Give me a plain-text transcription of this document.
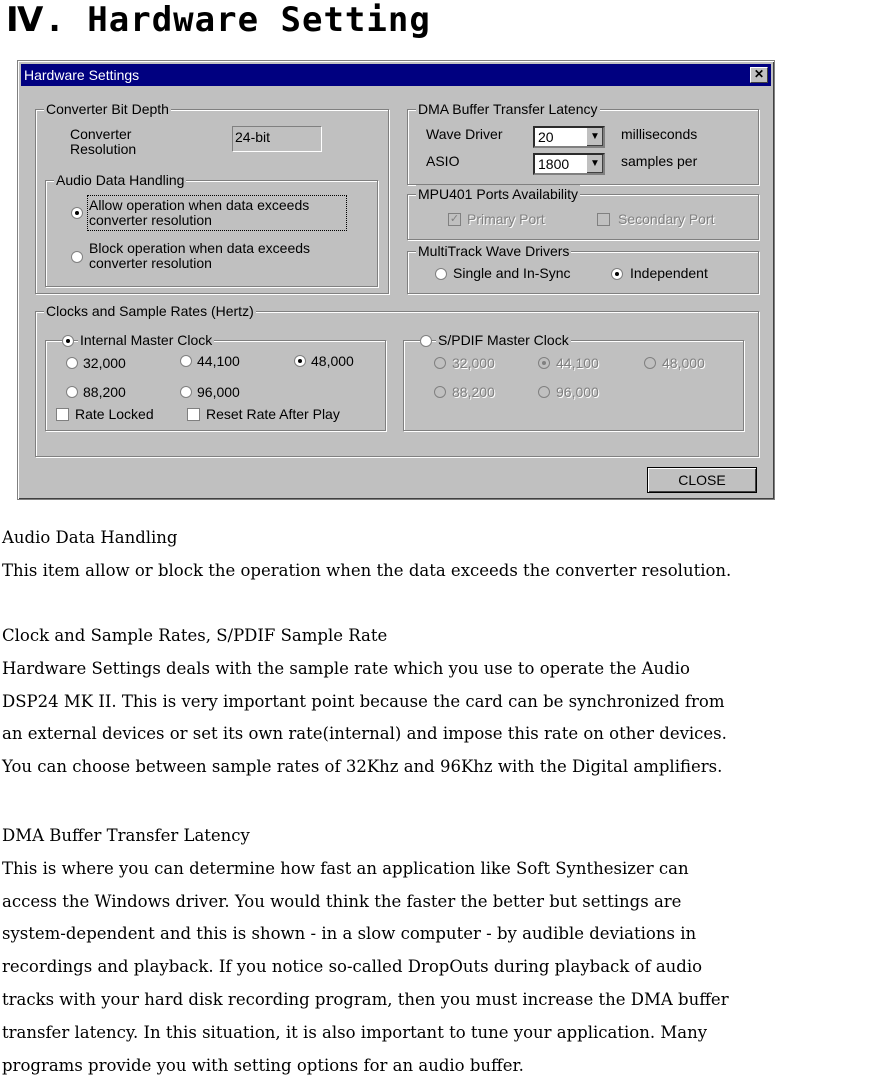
Ⅳ. Hardware Setting
Hardware Settings	✕
Converter Bit Depth
Converter
Resolution
24-bit
Audio Data Handling
Allow operation when data exceeds
converter resolution
Block operation when data exceeds
converter resolution
DMA Buffer Transfer Latency
Wave Driver	20	▼ milliseconds
ASIO	1800	▼ samples per
MPU401 Ports Availability
✓ Primary Port	Secondary Port
MultiTrack Wave Drivers
Single and In-Sync	Independent
Clocks and Sample Rates (Hertz)
Internal Master Clock
32,000	44,100	48,000
88,200	96,000
Rate Locked	Reset Rate After Play
S/PDIF Master Clock
32,000	44,100	48,000
88,200	96,000
CLOSE
Audio Data Handling
This item allow or block the operation when the data exceeds the converter resolution.
Clock and Sample Rates, S/PDIF Sample Rate
Hardware Settings deals with the sample rate which you use to operate the Audio
DSP24 MK II. This is very important point because the card can be synchronized from
an external devices or set its own rate(internal) and impose this rate on other devices.
You can choose between sample rates of 32Khz and 96Khz with the Digital amplifiers.
DMA Buffer Transfer Latency
This is where you can determine how fast an application like Soft Synthesizer can
access the Windows driver. You would think the faster the better but settings are
system-dependent and this is shown - in a slow computer - by audible deviations in
recordings and playback. If you notice so-called DropOuts during playback of audio
tracks with your hard disk recording program, then you must increase the DMA buffer
transfer latency. In this situation, it is also important to tune your application. Many
programs provide you with setting options for an audio buffer.
